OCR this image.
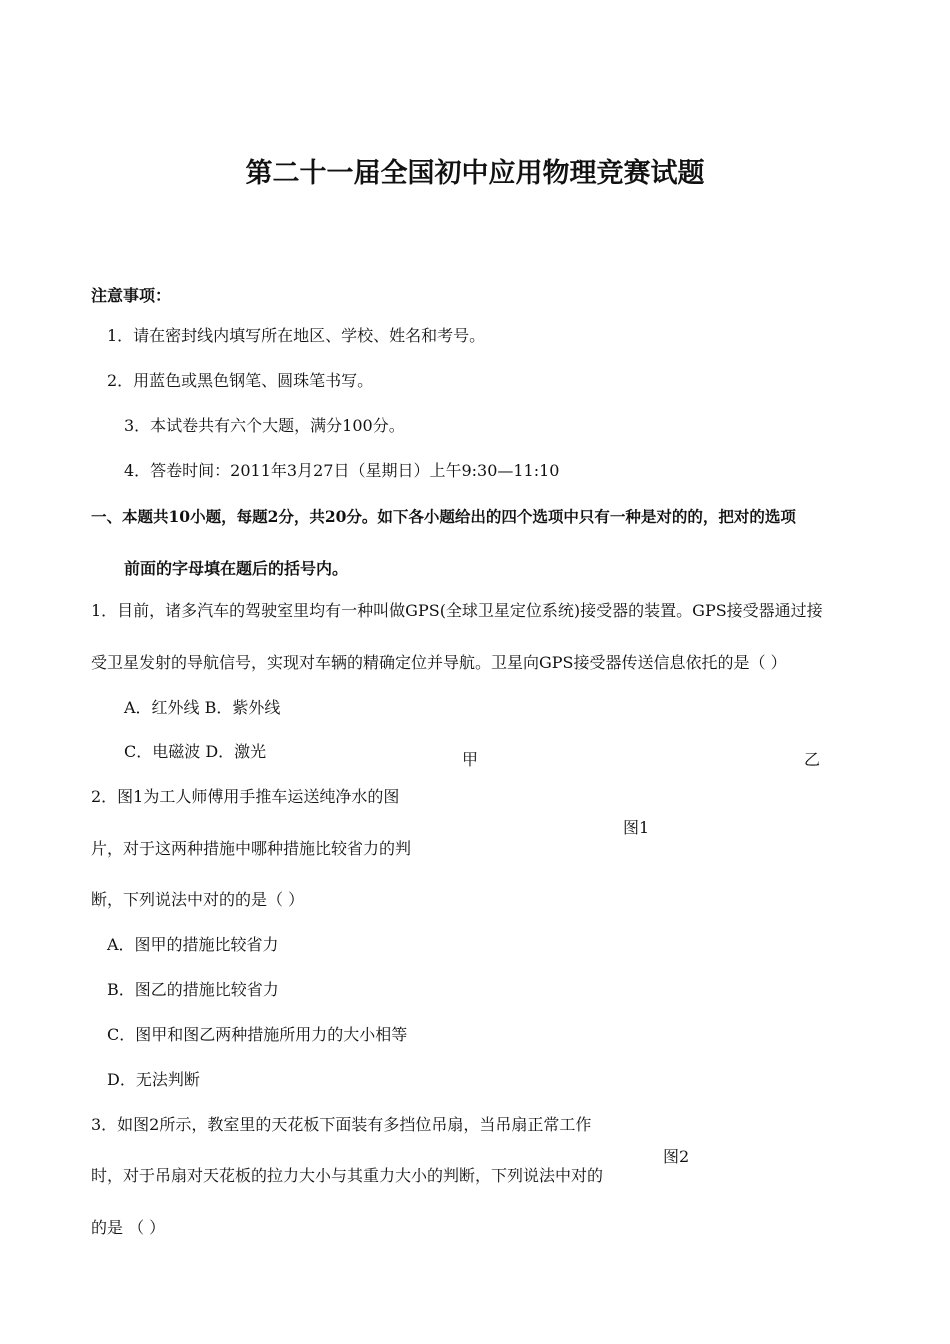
第二十一届全国初中应用物理竞赛试题
注意事项：
1．请在密封线内填写所在地区、学校、姓名和考号。
2．用蓝色或黑色钢笔、圆珠笔书写。
3．本试卷共有六个大题，满分100分。
4．答卷时间：2011年3月27日（星期日）上午9:30—11:10
一、本题共10小题，每题2分，共20分。如下各小题给出的四个选项中只有一种是对的的，把对的选项
前面的字母填在题后的括号内。
1．目前，诸多汽车的驾驶室里均有一种叫做GPS(全球卫星定位系统)接受器的装置。GPS接受器通过接
受卫星发射的导航信号，实现对车辆的精确定位并导航。卫星向GPS接受器传送信息依托的是（ ）
A．红外线 B．紫外线
C．电磁波 D．激光	甲	乙
图1
2．图1为工人师傅用手推车运送纯净水的图
片，对于这两种措施中哪种措施比较省力的判
断，下列说法中对的的是（ ）
A．图甲的措施比较省力
B．图乙的措施比较省力
C．图甲和图乙两种措施所用力的大小相等
D．无法判断
3．如图2所示，教室里的天花板下面装有多挡位吊扇，当吊扇正常工作
时，对于吊扇对天花板的拉力大小与其重力大小的判断，下列说法中对的
的是 （ ）
图2
